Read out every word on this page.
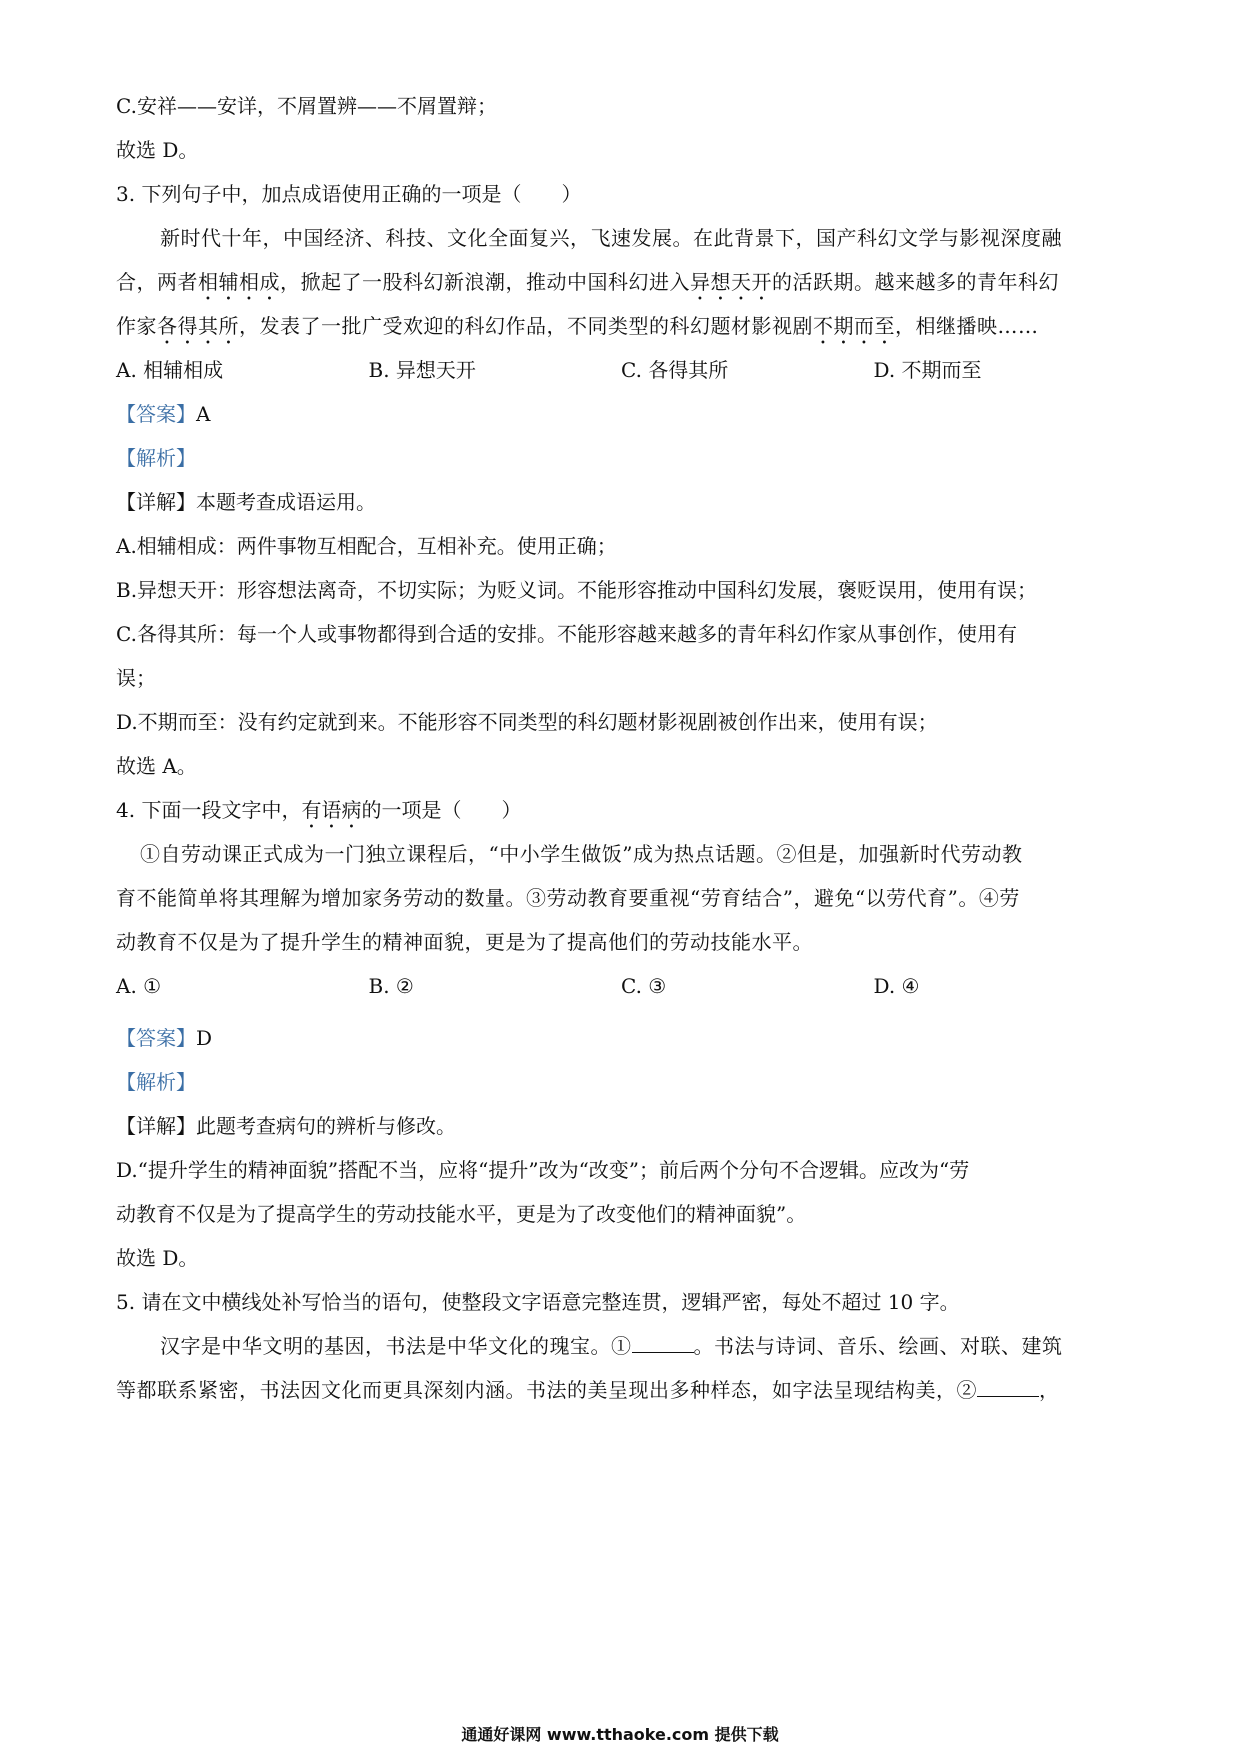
C.安祥——安详，不屑置辨——不屑置辩；
故选 D。
3. 下列句子中，加点成语使用正确的一项是（　　）
新时代十年，中国经济、科技、文化全面复兴，飞速发展。在此背景下，国产科幻文学与影视深度融
合，两者相辅相成，掀起了一股科幻新浪潮，推动中国科幻进入异想天开的活跃期。越来越多的青年科幻
作家各得其所，发表了一批广受欢迎的科幻作品，不同类型的科幻题材影视剧不期而至，相继播映……
A. 相辅相成	B. 异想天开	C. 各得其所	D. 不期而至
【答案】A
【解析】
【详解】本题考查成语运用。
A.相辅相成：两件事物互相配合，互相补充。使用正确；
B.异想天开：形容想法离奇，不切实际；为贬义词。不能形容推动中国科幻发展，褒贬误用，使用有误；
C.各得其所：每一个人或事物都得到合适的安排。不能形容越来越多的青年科幻作家从事创作，使用有
误；
D.不期而至：没有约定就到来。不能形容不同类型的科幻题材影视剧被创作出来，使用有误；
故选 A。
4. 下面一段文字中，有语病的一项是（　　）
①自劳动课正式成为一门独立课程后，“中小学生做饭”成为热点话题。②但是，加强新时代劳动教
育不能简单将其理解为增加家务劳动的数量。③劳动教育要重视“劳育结合”，避免“以劳代育”。④劳
动教育不仅是为了提升学生的精神面貌，更是为了提高他们的劳动技能水平。
A. ①	B. ②	C. ③	D. ④
【答案】D
【解析】
【详解】此题考查病句的辨析与修改。
D.“提升学生的精神面貌”搭配不当，应将“提升”改为“改变”；前后两个分句不合逻辑。应改为“劳
动教育不仅是为了提高学生的劳动技能水平，更是为了改变他们的精神面貌”。
故选 D。
5. 请在文中横线处补写恰当的语句，使整段文字语意完整连贯，逻辑严密，每处不超过 10 字。
汉字是中华文明的基因，书法是中华文化的瑰宝。①	。书法与诗词、音乐、绘画、对联、建筑
等都联系紧密，书法因文化而更具深刻内涵。书法的美呈现出多种样态，如字法呈现结构美，②	，
通通好课网 www.tthaoke.com 提供下载
